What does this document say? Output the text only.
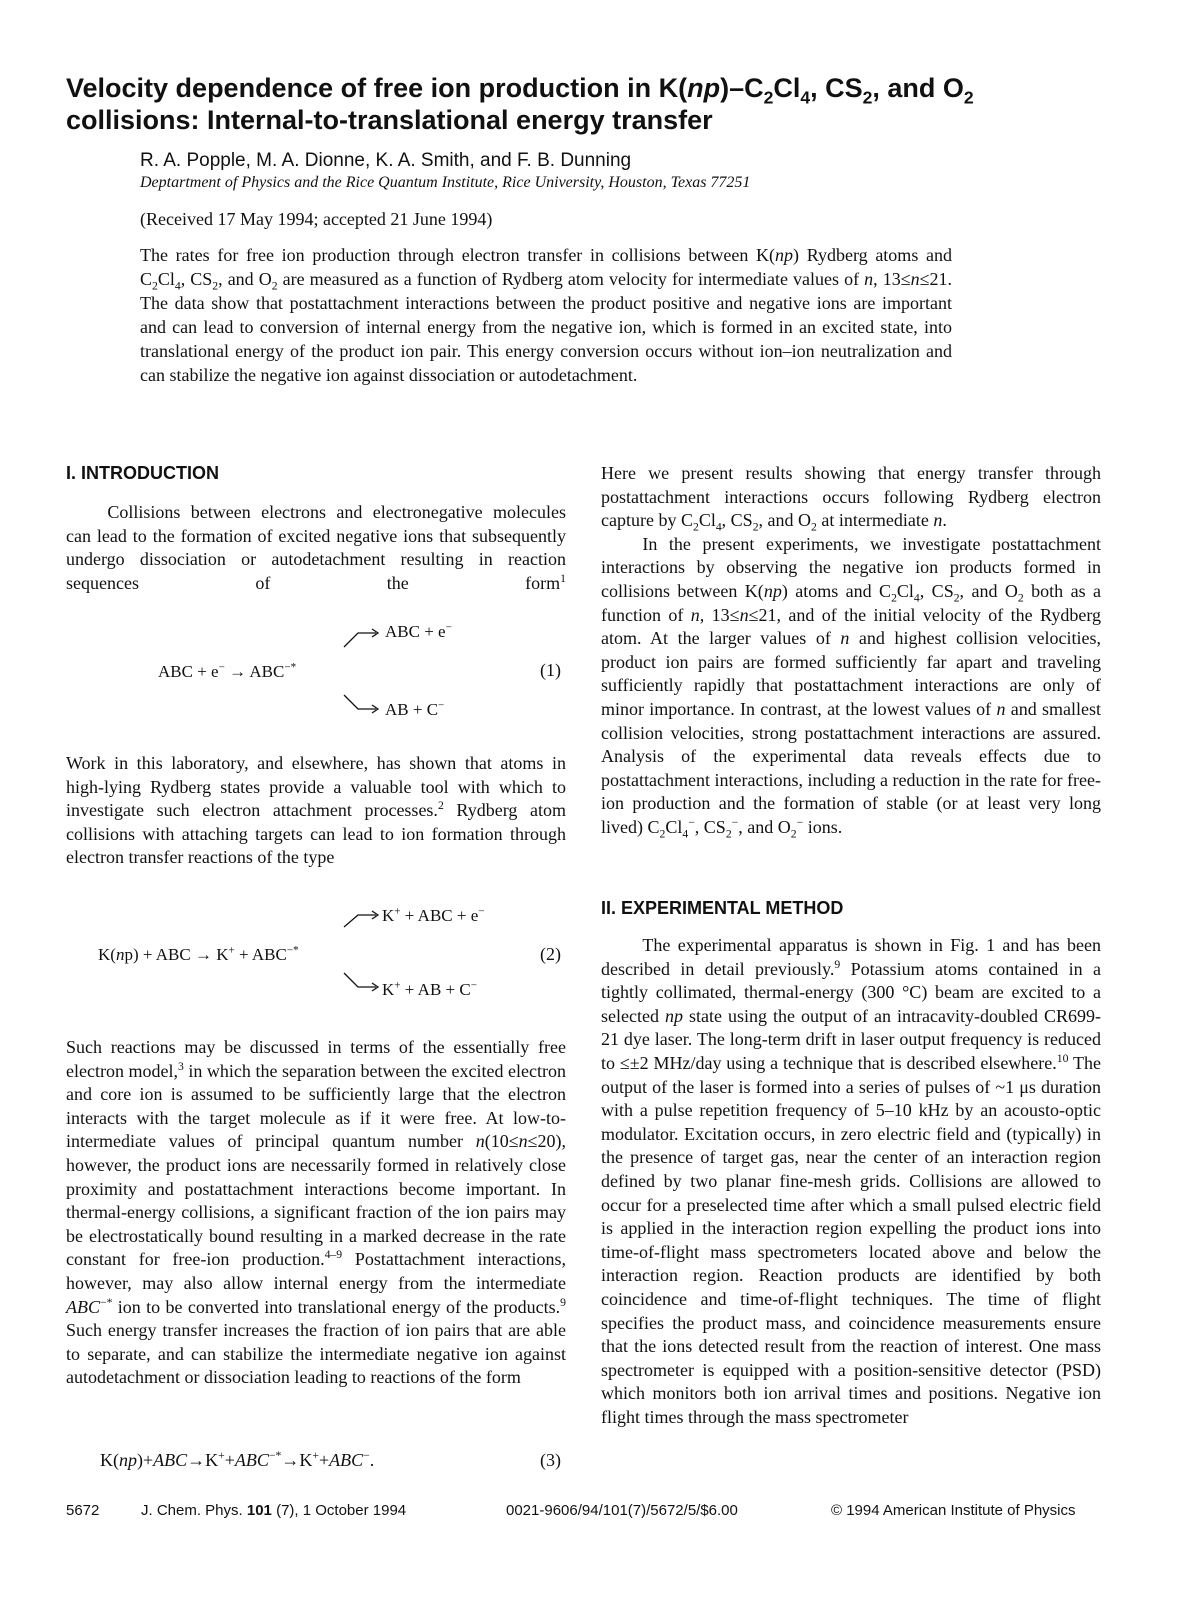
Velocity dependence of free ion production in $K(np)-C_2Cl_4$, $CS_2$, and $O_2$
collisions: Internal-to-translational energy transfer
R. A. Popple, M. A. Dionne, K. A. Smith, and F. B. Dunning
Deptartment of Physics and the Rice Quantum Institute, Rice University, Houston, Texas 77251
(Received 17 May 1994; accepted 21 June 1994)

The rates for free ion production through electron transfer in collisions between K(np) Rydberg atoms and $C_2Cl_4$, $CS_2$, and $O_2$ are measured as a function of Rydberg atom velocity for intermediate values of n, 13≤n≤21. The data show that postattachment interactions between the product positive and negative ions are important and can lead to conversion of internal energy from the negative ion, which is formed in an excited state, into translational energy of the product ion pair. This energy conversion occurs without ion–ion neutralization and can stabilize the negative ion against dissociation or autodetachment.

I. INTRODUCTION

Collisions between electrons and electronegative molecules can lead to the formation of excited negative ions that subsequently undergo dissociation or autodetachment resulting in reaction sequences of the form$^1$

ABC + e− → ABC−*
ABC + e−
AB + C−
(1)

Work in this laboratory, and elsewhere, has shown that atoms in high-lying Rydberg states provide a valuable tool with which to investigate such electron attachment processes.$^2$ Rydberg atom collisions with attaching targets can lead to ion formation through electron transfer reactions of the type

K(np) + ABC → K+ + ABC−*
K+ + ABC + e−
K+ + AB + C−
(2)

Such reactions may be discussed in terms of the essentially free electron model,$^3$ in which the separation between the excited electron and core ion is assumed to be sufficiently large that the electron interacts with the target molecule as if it were free. At low-to-intermediate values of principal quantum number n(10≤n≤20), however, the product ions are necessarily formed in relatively close proximity and postattachment interactions become important. In thermal-energy collisions, a significant fraction of the ion pairs may be electrostatically bound resulting in a marked decrease in the rate constant for free-ion production.$^{4-9}$ Postattachment interactions, however, may also allow internal energy from the intermediate ABC−* ion to be converted into translational energy of the products.$^9$ Such energy transfer increases the fraction of ion pairs that are able to separate, and can stabilize the intermediate negative ion against autodetachment or dissociation leading to reactions of the form

K(np)+ABC→K++ABC−*→K++ABC−.	(3)

Here we present results showing that energy transfer through postattachment interactions occurs following Rydberg electron capture by $C_2Cl_4$, $CS_2$, and $O_2$ at intermediate n.

In the present experiments, we investigate postattachment interactions by observing the negative ion products formed in collisions between K(np) atoms and $C_2Cl_4$, $CS_2$, and $O_2$ both as a function of n, 13≤n≤21, and of the initial velocity of the Rydberg atom. At the larger values of n and highest collision velocities, product ion pairs are formed sufficiently far apart and traveling sufficiently rapidly that postattachment interactions are only of minor importance. In contrast, at the lowest values of n and smallest collision velocities, strong postattachment interactions are assured. Analysis of the experimental data reveals effects due to postattachment interactions, including a reduction in the rate for free-ion production and the formation of stable (or at least very long lived) $C_2Cl_4^-$, $CS_2^-$, and $O_2^-$ ions.

II. EXPERIMENTAL METHOD

The experimental apparatus is shown in Fig. 1 and has been described in detail previously.$^9$ Potassium atoms contained in a tightly collimated, thermal-energy (300 °C) beam are excited to a selected np state using the output of an intracavity-doubled CR699-21 dye laser. The long-term drift in laser output frequency is reduced to ≤±2 MHz/day using a technique that is described elsewhere.$^{10}$ The output of the laser is formed into a series of pulses of ~1 μs duration with a pulse repetition frequency of 5–10 kHz by an acousto-optic modulator. Excitation occurs, in zero electric field and (typically) in the presence of target gas, near the center of an interaction region defined by two planar fine-mesh grids. Collisions are allowed to occur for a preselected time after which a small pulsed electric field is applied in the interaction region expelling the product ions into time-of-flight mass spectrometers located above and below the interaction region. Reaction products are identified by both coincidence and time-of-flight techniques. The time of flight specifies the product mass, and coincidence measurements ensure that the ions detected result from the reaction of interest. One mass spectrometer is equipped with a position-sensitive detector (PSD) which monitors both ion arrival times and positions. Negative ion flight times through the mass spectrometer

5672	J. Chem. Phys. 101 (7), 1 October 1994	0021-9606/94/101(7)/5672/5/$6.00	© 1994 American Institute of Physics
